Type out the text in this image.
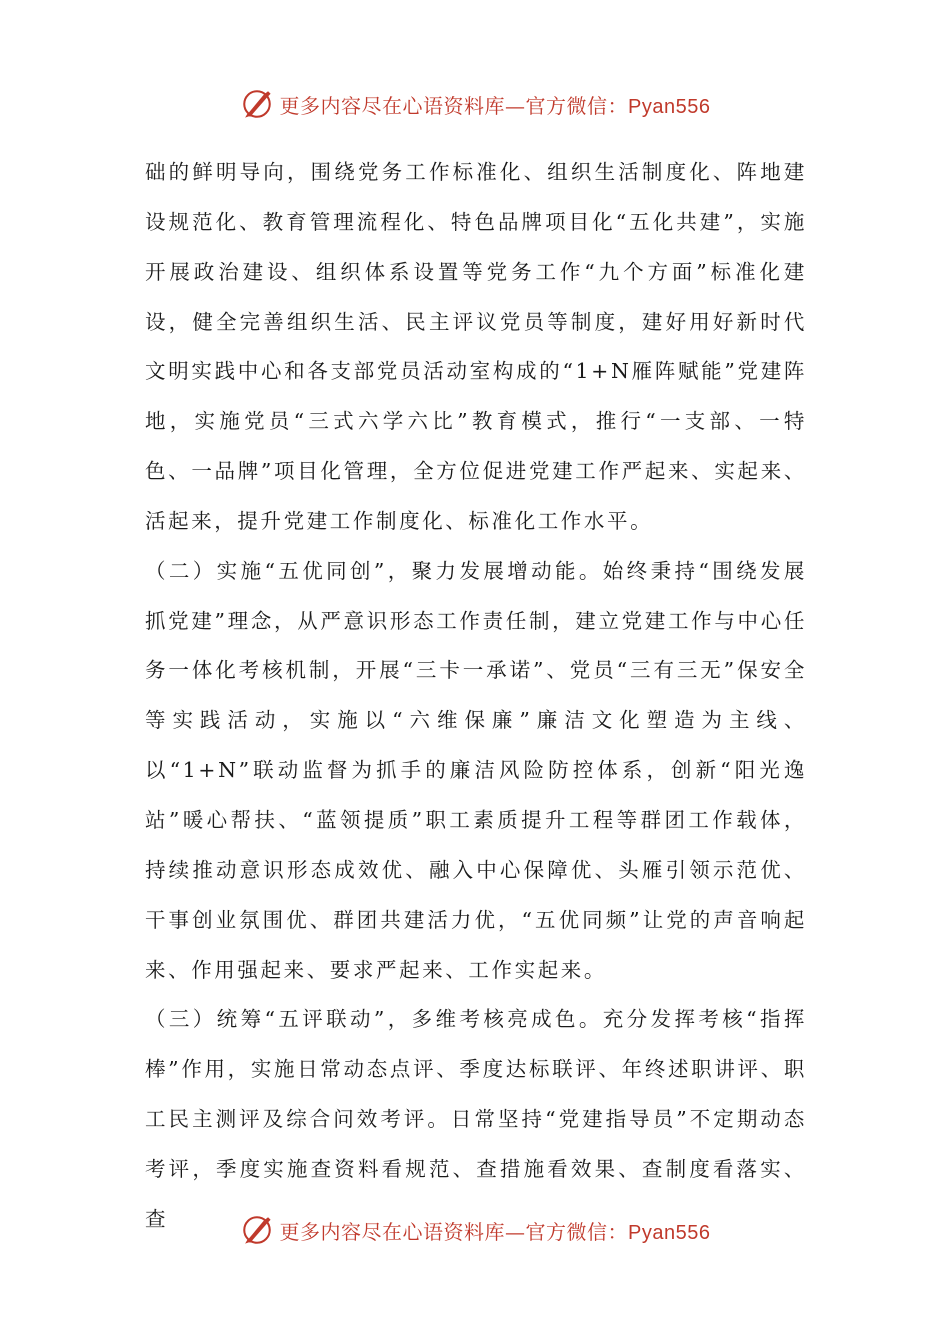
更多内容尽在心语资料库—官方微信：Pyan556

础的鲜明导向，围绕党务工作标准化、组织生活制度化、阵地建设规范化、教育管理流程化、特色品牌项目化“五化共建”，实施开展政治建设、组织体系设置等党务工作“九个方面”标准化建设，健全完善组织生活、民主评议党员等制度，建好用好新时代文明实践中心和各支部党员活动室构成的“1+N雁阵赋能”党建阵地，实施党员“三式六学六比”教育模式，推行“一支部、一特色、一品牌”项目化管理，全方位促进党建工作严起来、实起来、活起来，提升党建工作制度化、标准化工作水平。

（二）实施“五优同创”，聚力发展增动能。始终秉持“围绕发展抓党建”理念，从严意识形态工作责任制，建立党建工作与中心任务一体化考核机制，开展“三卡一承诺”、党员“三有三无”保安全等实践活动，实施以“六维保廉”廉洁文化塑造为主线、以“1+N”联动监督为抓手的廉洁风险防控体系，创新“阳光逸站”暖心帮扶、“蓝领提质”职工素质提升工程等群团工作载体，持续推动意识形态成效优、融入中心保障优、头雁引领示范优、干事创业氛围优、群团共建活力优，“五优同频”让党的声音响起来、作用强起来、要求严起来、工作实起来。

（三）统筹“五评联动”，多维考核亮成色。充分发挥考核“指挥棒”作用，实施日常动态点评、季度达标联评、年终述职讲评、职工民主测评及综合问效考评。日常坚持“党建指导员”不定期动态考评，季度实施查资料看规范、查措施看效果、查制度看落实、查

更多内容尽在心语资料库—官方微信：Pyan556
